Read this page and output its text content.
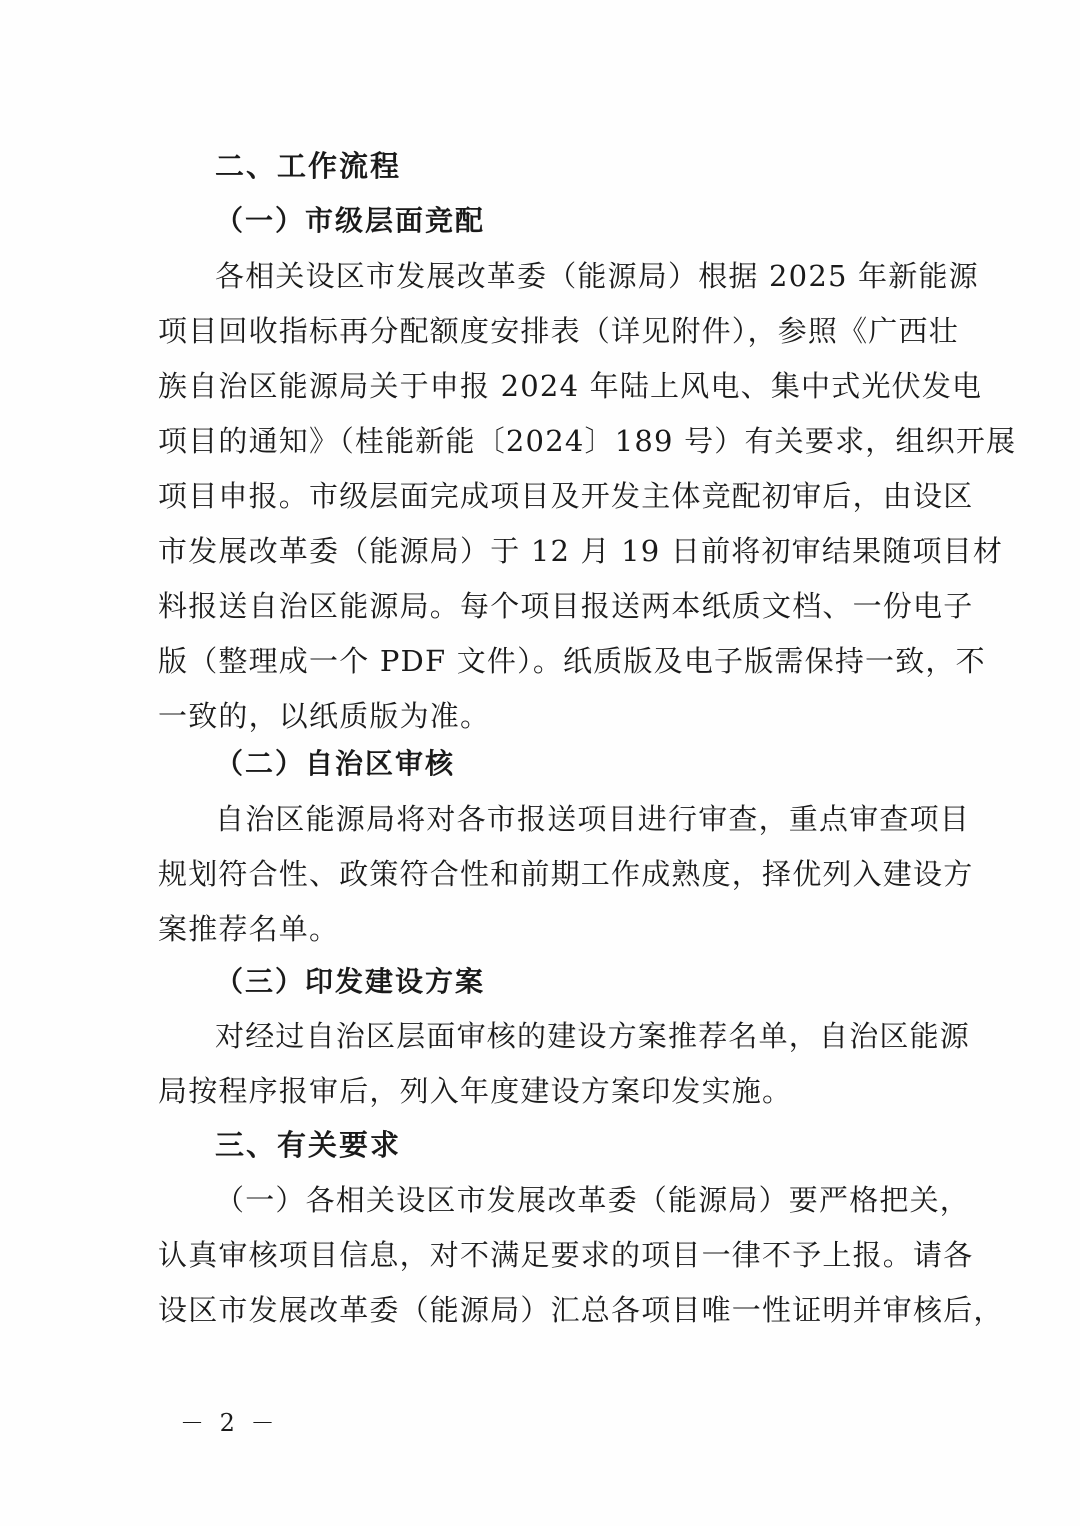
二、工作流程
（一）市级层面竞配
各相关设区市发展改革委（能源局）根据 2025 年新能源
项目回收指标再分配额度安排表（详见附件），参照《广西壮
族自治区能源局关于申报 2024 年陆上风电、集中式光伏发电
项目的通知》（桂能新能〔2024〕189 号）有关要求，组织开展
项目申报。市级层面完成项目及开发主体竞配初审后，由设区
市发展改革委（能源局）于 12 月 19 日前将初审结果随项目材
料报送自治区能源局。每个项目报送两本纸质文档、一份电子
版（整理成一个 PDF 文件）。纸质版及电子版需保持一致，不
一致的，以纸质版为准。
（二）自治区审核
自治区能源局将对各市报送项目进行审查，重点审查项目
规划符合性、政策符合性和前期工作成熟度，择优列入建设方
案推荐名单。
（三）印发建设方案
对经过自治区层面审核的建设方案推荐名单，自治区能源
局按程序报审后，列入年度建设方案印发实施。
三、有关要求
（一）各相关设区市发展改革委（能源局）要严格把关，
认真审核项目信息，对不满足要求的项目一律不予上报。请各
设区市发展改革委（能源局）汇总各项目唯一性证明并审核后，
－ 2 －
